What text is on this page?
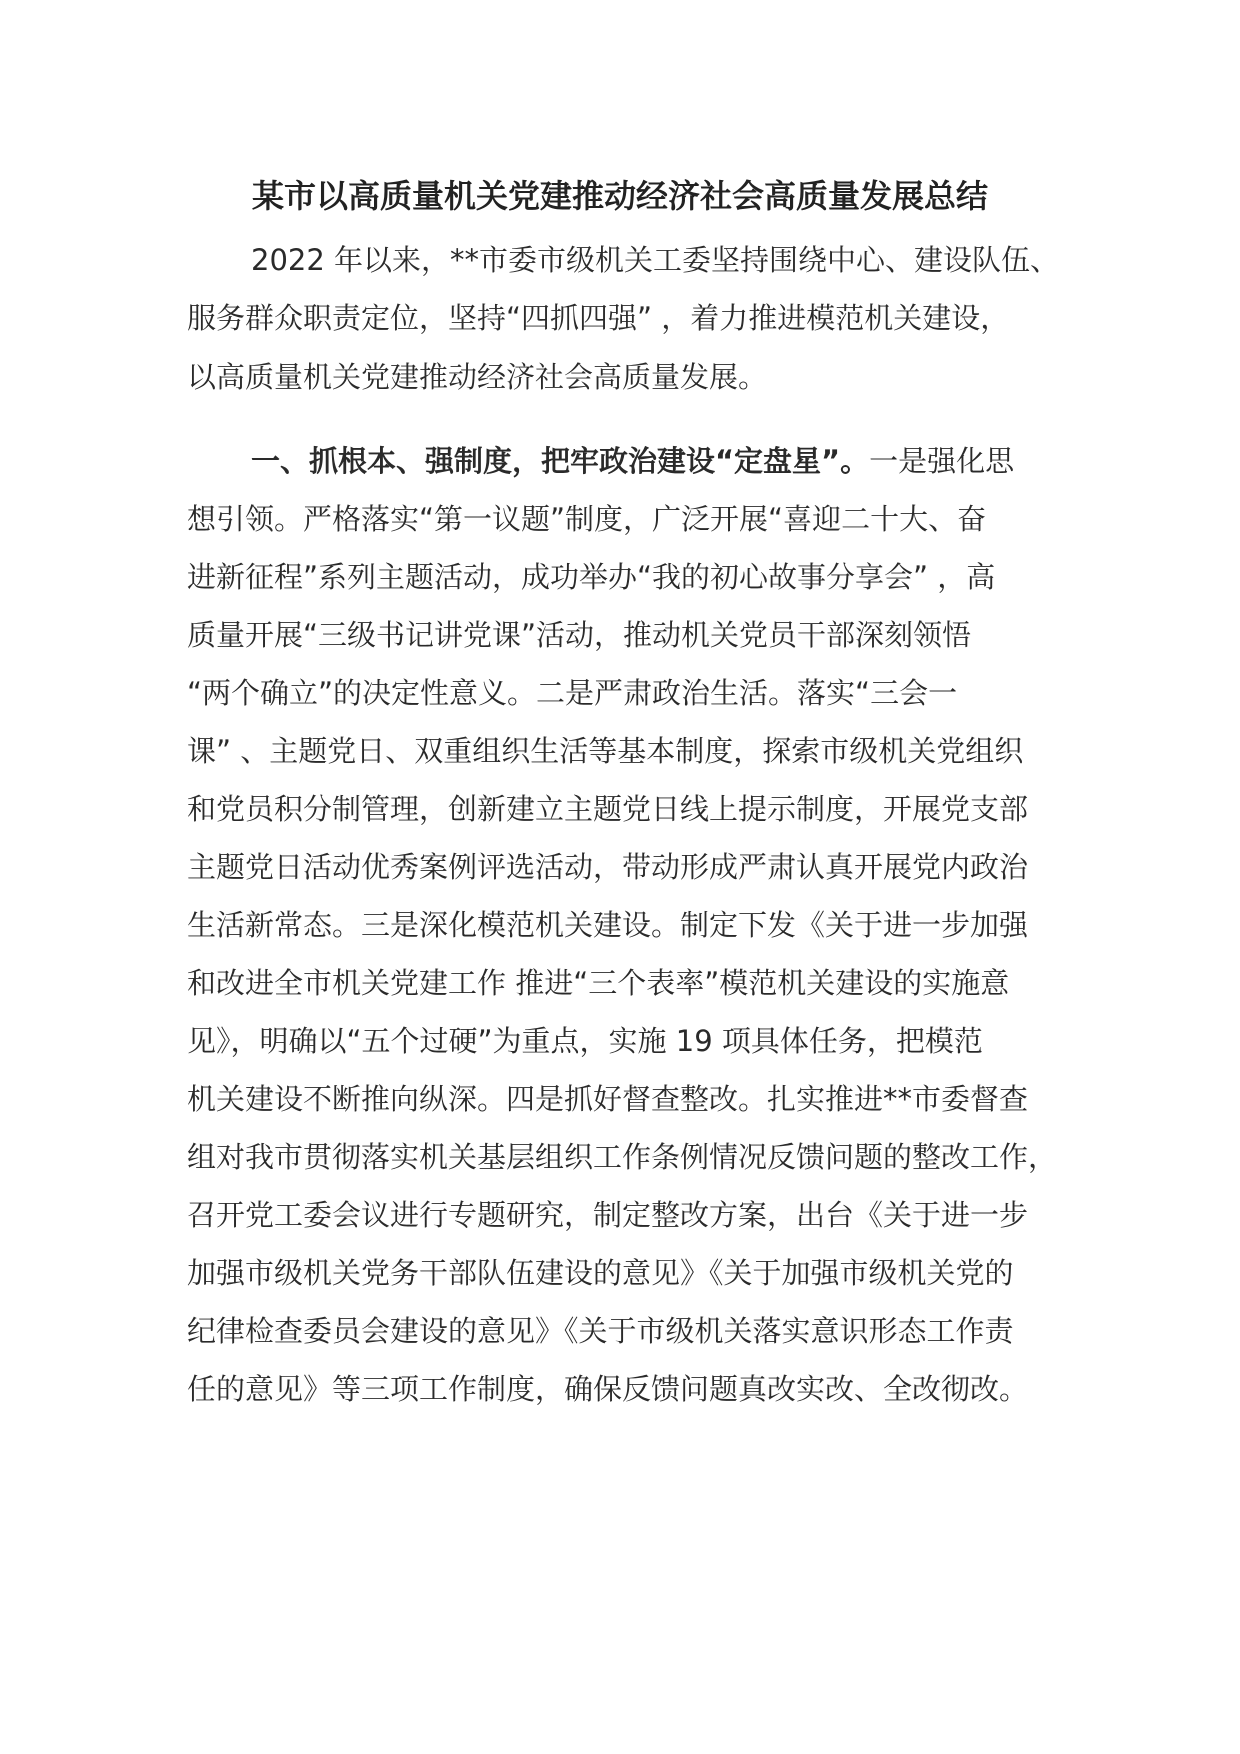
某市以高质量机关党建推动经济社会高质量发展总结
2022 年以来，**市委市级机关工委坚持围绕中心、建设队伍、
服务群众职责定位，坚持“四抓四强” ，着力推进模范机关建设，
以高质量机关党建推动经济社会高质量发展。
一、抓根本、强制度，把牢政治建设“定盘星”。一是强化思
想引领。严格落实“第一议题”制度，广泛开展“喜迎二十大、奋
进新征程”系列主题活动，成功举办“我的初心故事分享会” ，高
质量开展“三级书记讲党课”活动，推动机关党员干部深刻领悟
“两个确立”的决定性意义。二是严肃政治生活。落实“三会一
课” 、主题党日、双重组织生活等基本制度，探索市级机关党组织
和党员积分制管理，创新建立主题党日线上提示制度，开展党支部
主题党日活动优秀案例评选活动，带动形成严肃认真开展党内政治
生活新常态。三是深化模范机关建设。制定下发《关于进一步加强
和改进全市机关党建工作 推进“三个表率”模范机关建设的实施意
见》，明确以“五个过硬”为重点，实施 19 项具体任务，把模范
机关建设不断推向纵深。四是抓好督查整改。扎实推进**市委督查
组对我市贯彻落实机关基层组织工作条例情况反馈问题的整改工作，
召开党工委会议进行专题研究，制定整改方案，出台《关于进一步
加强市级机关党务干部队伍建设的意见》《关于加强市级机关党的
纪律检查委员会建设的意见》《关于市级机关落实意识形态工作责
任的意见》等三项工作制度，确保反馈问题真改实改、全改彻改。
